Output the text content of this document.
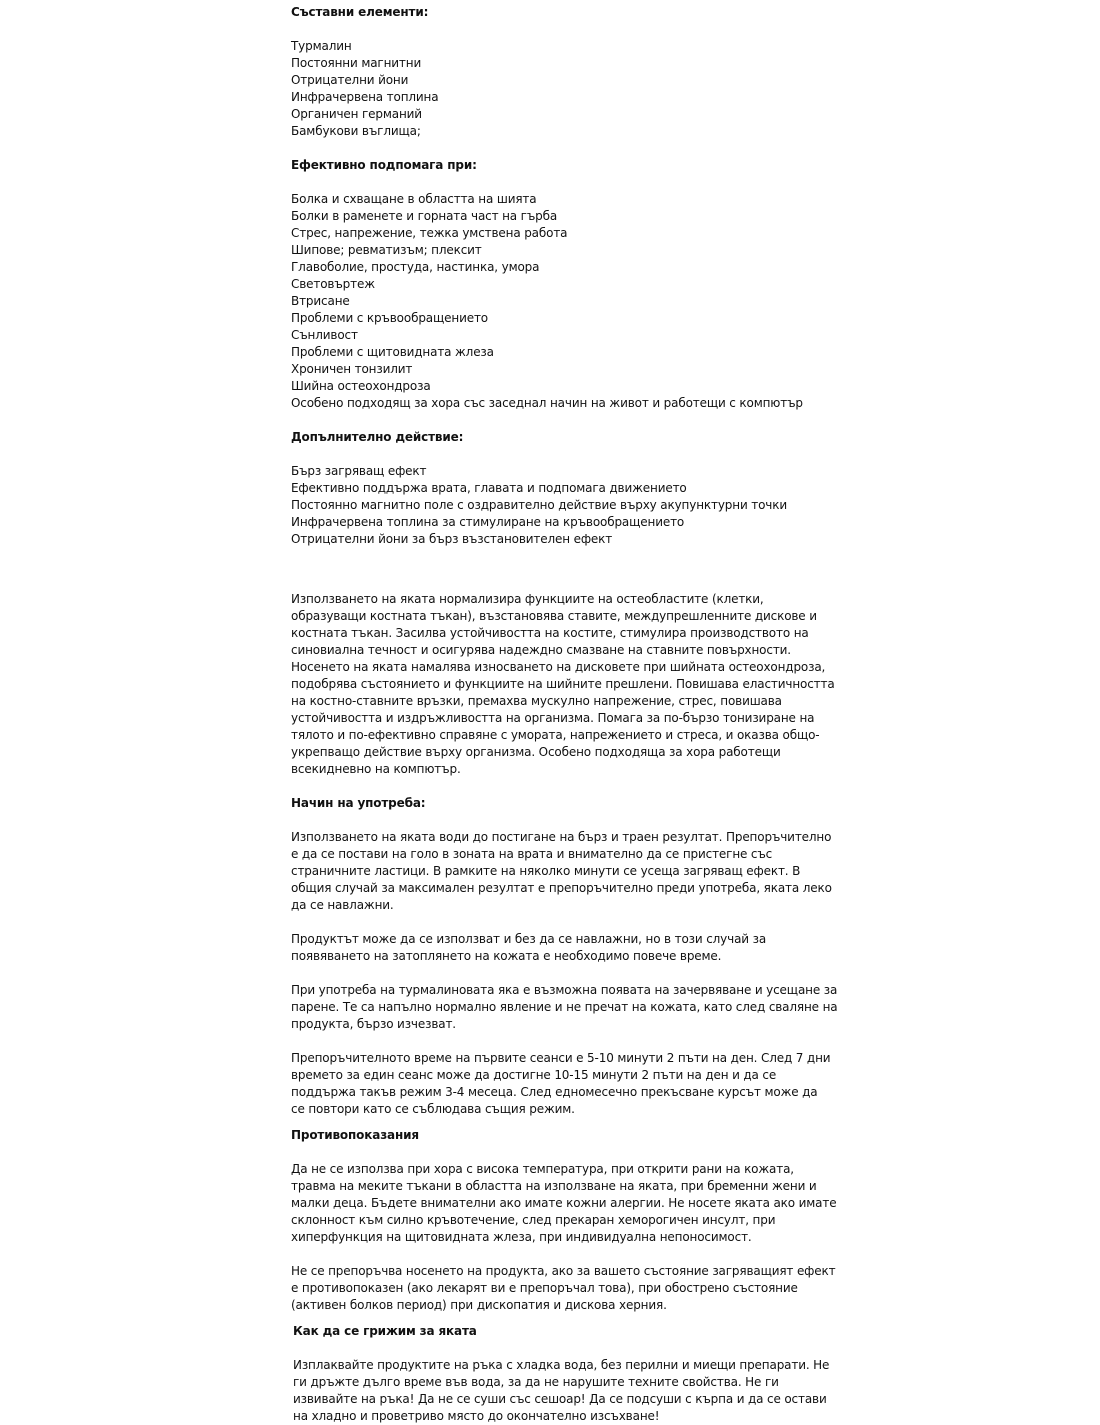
Съставни елементи:

Турмалин

Постоянни магнитни

Отрицателни йони

Инфрачервена топлина

Органичен германий

Бамбукови въглища;

Ефективно подпомага при:

Болка и схващане в областта на шията

Болки в раменете и горната част на гърба

Стрес, напрежение, тежка умствена работа

Шипове; ревматизъм; плексит

Главоболие, простуда, настинка, умора

Световъртеж

Втрисане

Проблеми с кръвообращението

Сънливост

Проблеми с щитовидната жлеза

Хроничен тонзилит

Шийна остеохондроза

Особено подходящ за хора със заседнал начин на живот и работещи с компютър

Допълнително действие:

Бърз загряващ ефект

Ефективно поддържа врата, главата и подпомага движението

Постоянно магнитно поле с оздравително действие върху акупунктурни точки

Инфрачервена топлина за стимулиране на кръвообращението

Отрицателни йони за бърз възстановителен ефект

Използването на яката нормализира функциите на остеобластите (клетки,

образуващи костната тъкан), възстановява ставите, междупрешленните дискове и

костната тъкан. Засилва устойчивостта на костите, стимулира производството на

синовиална течност и осигурява надеждно смазване на ставните повърхности.

Носенето на яката намалява износването на дисковете при шийната остеохондроза,

подобрява състоянието и функциите на шийните прешлени. Повишава еластичността

на костно-ставните връзки, премахва мускулно напрежение, стрес, повишава

устойчивостта и издръжливостта на организма. Помага за по-бързо тонизиране на

тялото и по-ефективно справяне с умората, напрежението и стреса, и оказва общо-

укрепващо действие върху организма. Особено подходяща за хора работещи

всекидневно на компютър.

Начин на употреба:

Използването на яката води до постигане на бърз и траен резултат. Препоръчително

е да се постави на голо в зоната на врата и внимателно да се пристегне със

страничните ластици. В рамките на няколко минути се усеща загряващ ефект. В

общия случай за максимален резултат е препоръчително преди употреба, яката леко

да се навлажни.

Продуктът може да се използват и без да се навлажни, но в този случай за

появяването на затоплянето на кожата е необходимо повече време.

При употреба на турмалиновата яка е възможна появата на зачервяване и усещане за

парене. Те са напълно нормално явление и не пречат на кожата, като след сваляне на

продукта, бързо изчезват.

Препоръчителното време на първите сеанси е 5-10 минути 2 пъти на ден. След 7 дни

времето за един сеанс може да достигне 10-15 минути 2 пъти на ден и да се

поддържа такъв режим 3-4 месеца. След едномесечно прекъсване курсът може да

се повтори като се съблюдава същия режим.

Противопоказания

Да не се използва при хора с висока температура, при открити рани на кожата,

травма на меките тъкани в областта на използване на яката, при бременни жени и

малки деца. Бъдете внимателни ако имате кожни алергии. Не носете яката ако имате

склонност към силно кръвотечение, след прекаран хеморогичен инсулт, при

хиперфункция на щитовидната жлеза, при индивидуална непоносимост.

Не се препоръчва носенето на продукта, ако за вашето състояние загряващият ефект

е противопоказен (ако лекарят ви е препоръчал това), при обострено състояние

(активен болков период) при дископатия и дискова херния.

Как да се грижим за яката

Изплаквайте продуктите на ръка с хладка вода, без перилни и миещи препарати. Не

ги дръжте дълго време във вода, за да не нарушите техните свойства. Не ги

извивайте на ръка! Да не се суши със сешоар! Да се подсуши с кърпа и да се остави

на хладно и проветриво място до окончателно изсъхване!
